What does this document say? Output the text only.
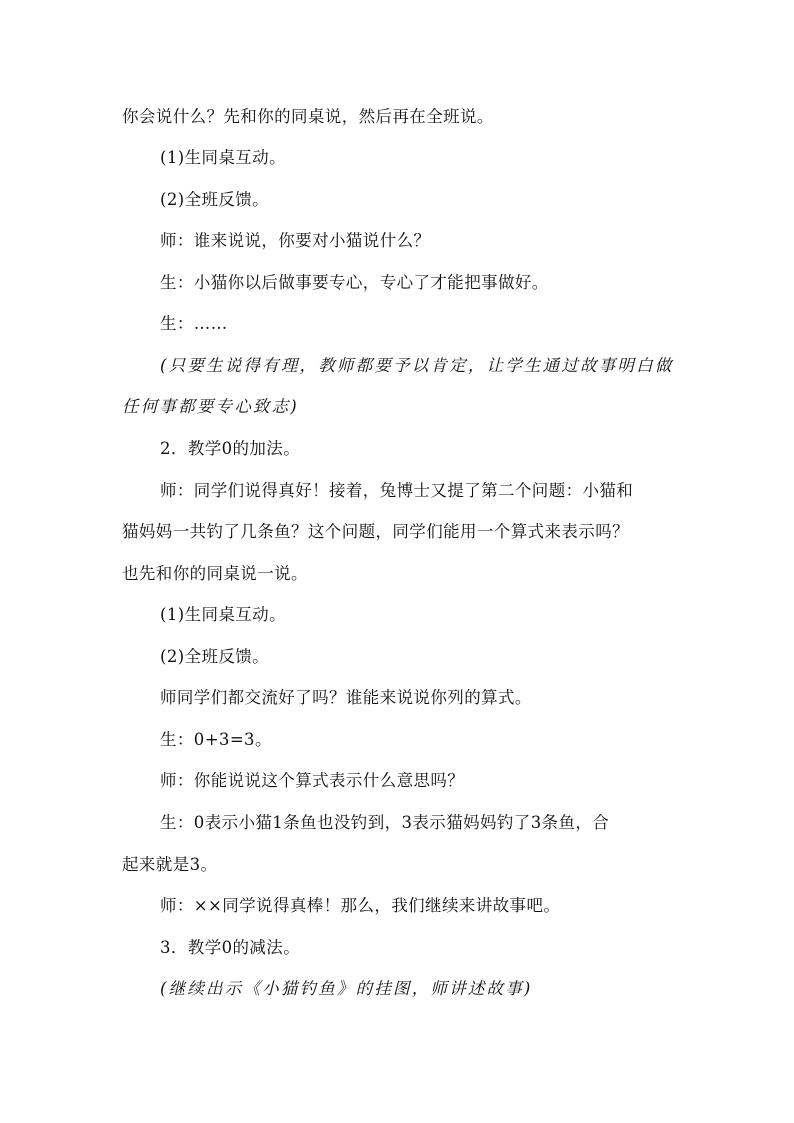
你会说什么？先和你的同桌说，然后再在全班说。
(1)生同桌互动。
(2)全班反馈。
师：谁来说说，你要对小猫说什么？
生：小猫你以后做事要专心，专心了才能把事做好。
生：……
(只要生说得有理，教师都要予以肯定，让学生通过故事明白做
任何事都要专心致志)
2．教学0的加法。
师：同学们说得真好！接着，兔博士又提了第二个问题：小猫和
猫妈妈一共钓了几条鱼？这个问题，同学们能用一个算式来表示吗？
也先和你的同桌说一说。
(1)生同桌互动。
(2)全班反馈。
师同学们都交流好了吗？谁能来说说你列的算式。
生：0+3=3。
师：你能说说这个算式表示什么意思吗？
生：0表示小猫1条鱼也没钓到，3表示猫妈妈钓了3条鱼，合
起来就是3。
师：××同学说得真棒！那么，我们继续来讲故事吧。
3．教学0的减法。
(继续出示《小猫钓鱼》的挂图，师讲述故事)
